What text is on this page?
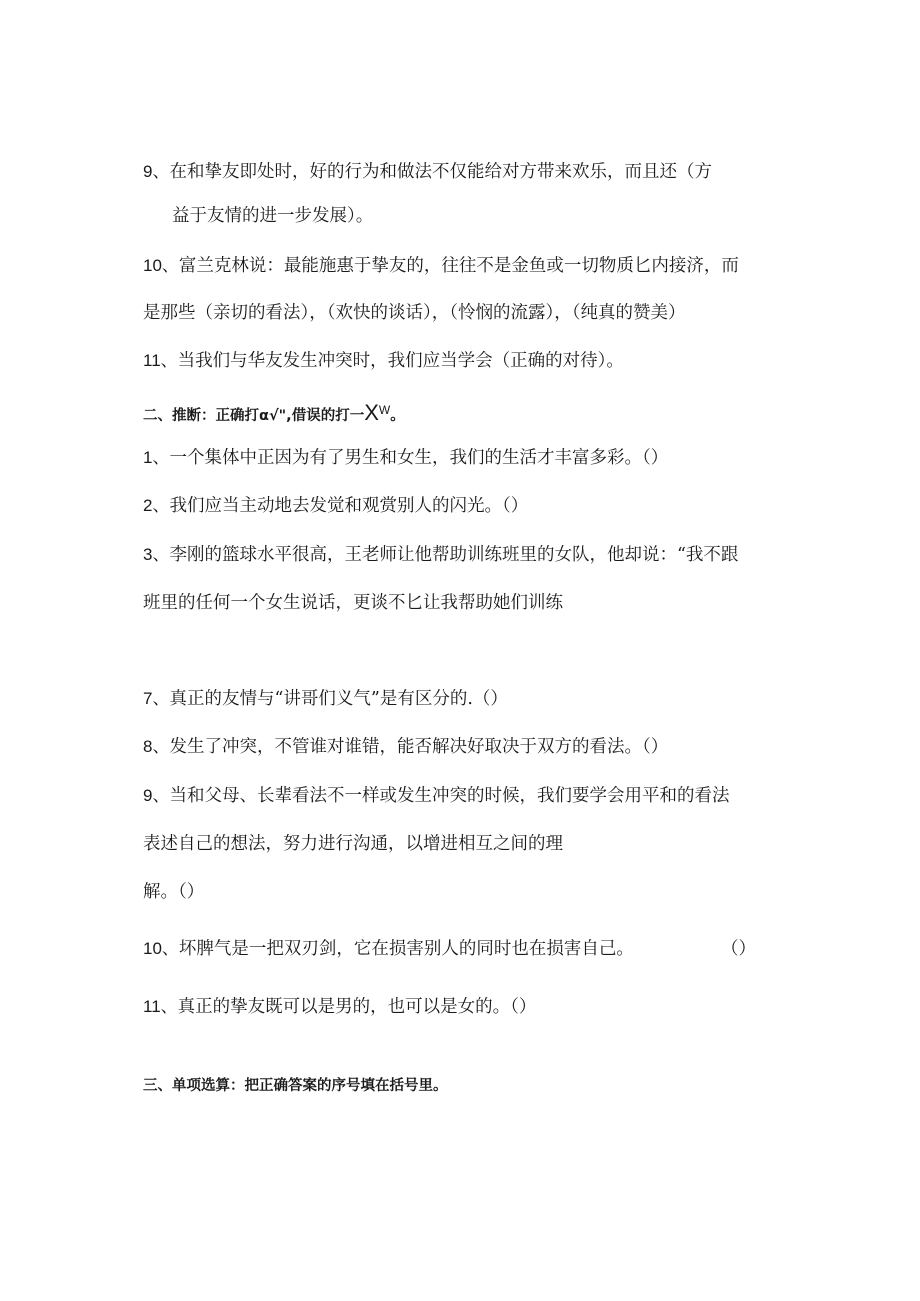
9、在和挚友即处时，好的行为和做法不仅能给对方带来欢乐，而且还（方
益于友情的进一步发展）。
10、富兰克林说：最能施惠于挚友的，往往不是金鱼或一切物质匕内接济，而
是那些（亲切的看法），（欢快的谈话），（怜悯的流露），（纯真的赞美）
11、当我们与华友发生冲突时，我们应当学会（正确的对待）。
二、推断：正确打α√",借误的打一$X^W$。
1、一个集体中正因为有了男生和女生，我们的生活才丰富多彩。（）
2、我们应当主动地去发觉和观赏别人的闪光。（）
3、李刚的篮球水平很高，王老师让他帮助训练班里的女队，他却说：“我不跟
班里的任何一个女生说话，更谈不匕让我帮助她们训练
7、真正的友情与“讲哥们义气”是有区分的.（）
8、发生了冲突，不管谁对谁错，能否解决好取决于双方的看法。（）
9、当和父母、长辈看法不一样或发生冲突的时候，我们要学会用平和的看法
表述自己的想法，努力进行沟通，以增进相互之间的理
解。（）
10、坏脾气是一把双刃剑，它在损害别人的同时也在损害自己。	（）
11、真正的挚友既可以是男的，也可以是女的。（）
三、单项选算：把正确答案的序号填在括号里。
